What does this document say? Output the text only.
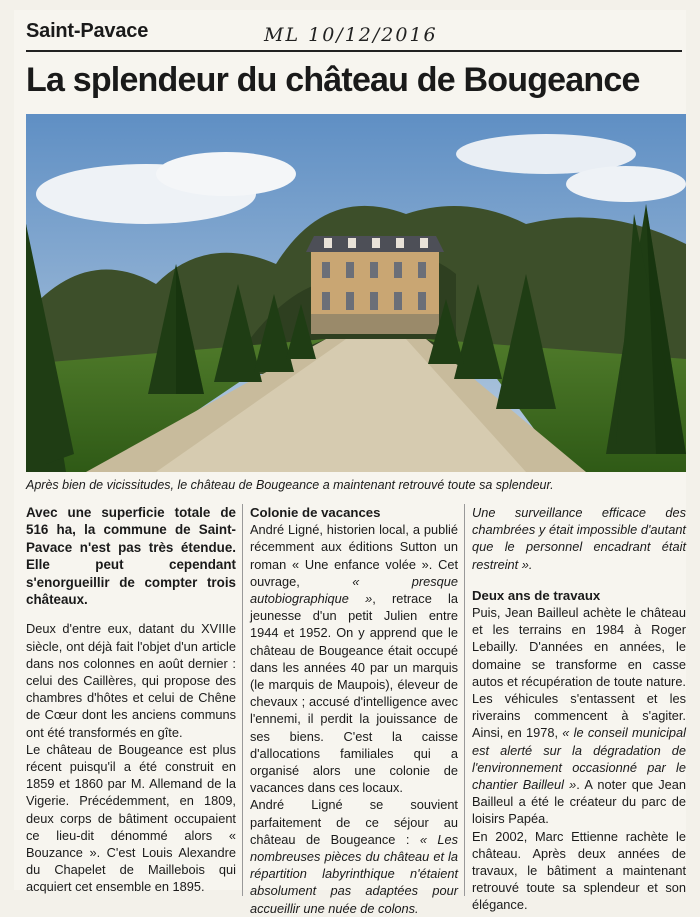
Saint-Pavace	ML 10/12/2016
La splendeur du château de Bougeance
Après bien de vicissitudes, le château de Bougeance a maintenant retrouvé toute sa splendeur.

Avec une superficie totale de 516 ha, la commune de Saint-Pavace n'est pas très étendue. Elle peut cependant s'enorgueillir de compter trois châteaux.

Deux d'entre eux, datant du XVIIIe siècle, ont déjà fait l'objet d'un article dans nos colonnes en août dernier : celui des Caillères, qui propose des chambres d'hôtes et celui de Chêne de Cœur dont les anciens communs ont été transformés en gîte.

Le château de Bougeance est plus récent puisqu'il a été construit en 1859 et 1860 par M. Allemand de la Vigerie. Précédemment, en 1809, deux corps de bâtiment occupaient ce lieu-dit dénommé alors « Bouzance ». C'est Louis Alexandre du Chapelet de Maillebois qui acquiert cet ensemble en 1895.

Colonie de vacances

André Ligné, historien local, a publié récemment aux éditions Sutton un roman « Une enfance volée ». Cet ouvrage, « presque autobiographique », retrace la jeunesse d'un petit Julien entre 1944 et 1952. On y apprend que le château de Bougeance était occupé dans les années 40 par un marquis (le marquis de Maupois), éleveur de chevaux ; accusé d'intelligence avec l'ennemi, il perdit la jouissance de ses biens. C'est la caisse d'allocations familiales qui a organisé alors une colonie de vacances dans ces locaux.

André Ligné se souvient parfaitement de ce séjour au château de Bougeance : « Les nombreuses pièces du château et la répartition labyrinthique n'étaient absolument pas adaptées pour accueillir une nuée de colons.

Une surveillance efficace des chambrées y était impossible d'autant que le personnel encadrant était restreint ».

Deux ans de travaux

Puis, Jean Bailleul achète le château et les terrains en 1984 à Roger Lebailly. D'années en années, le domaine se transforme en casse autos et récupération de toute nature. Les véhicules s'entassent et les riverains commencent à s'agiter. Ainsi, en 1978, « le conseil municipal est alerté sur la dégradation de l'environnement occasionné par le chantier Bailleul ». A noter que Jean Bailleul a été le créateur du parc de loisirs Papéa.

En 2002, Marc Ettienne rachète le château. Après deux années de travaux, le bâtiment a maintenant retrouvé toute sa splendeur et son élégance.
